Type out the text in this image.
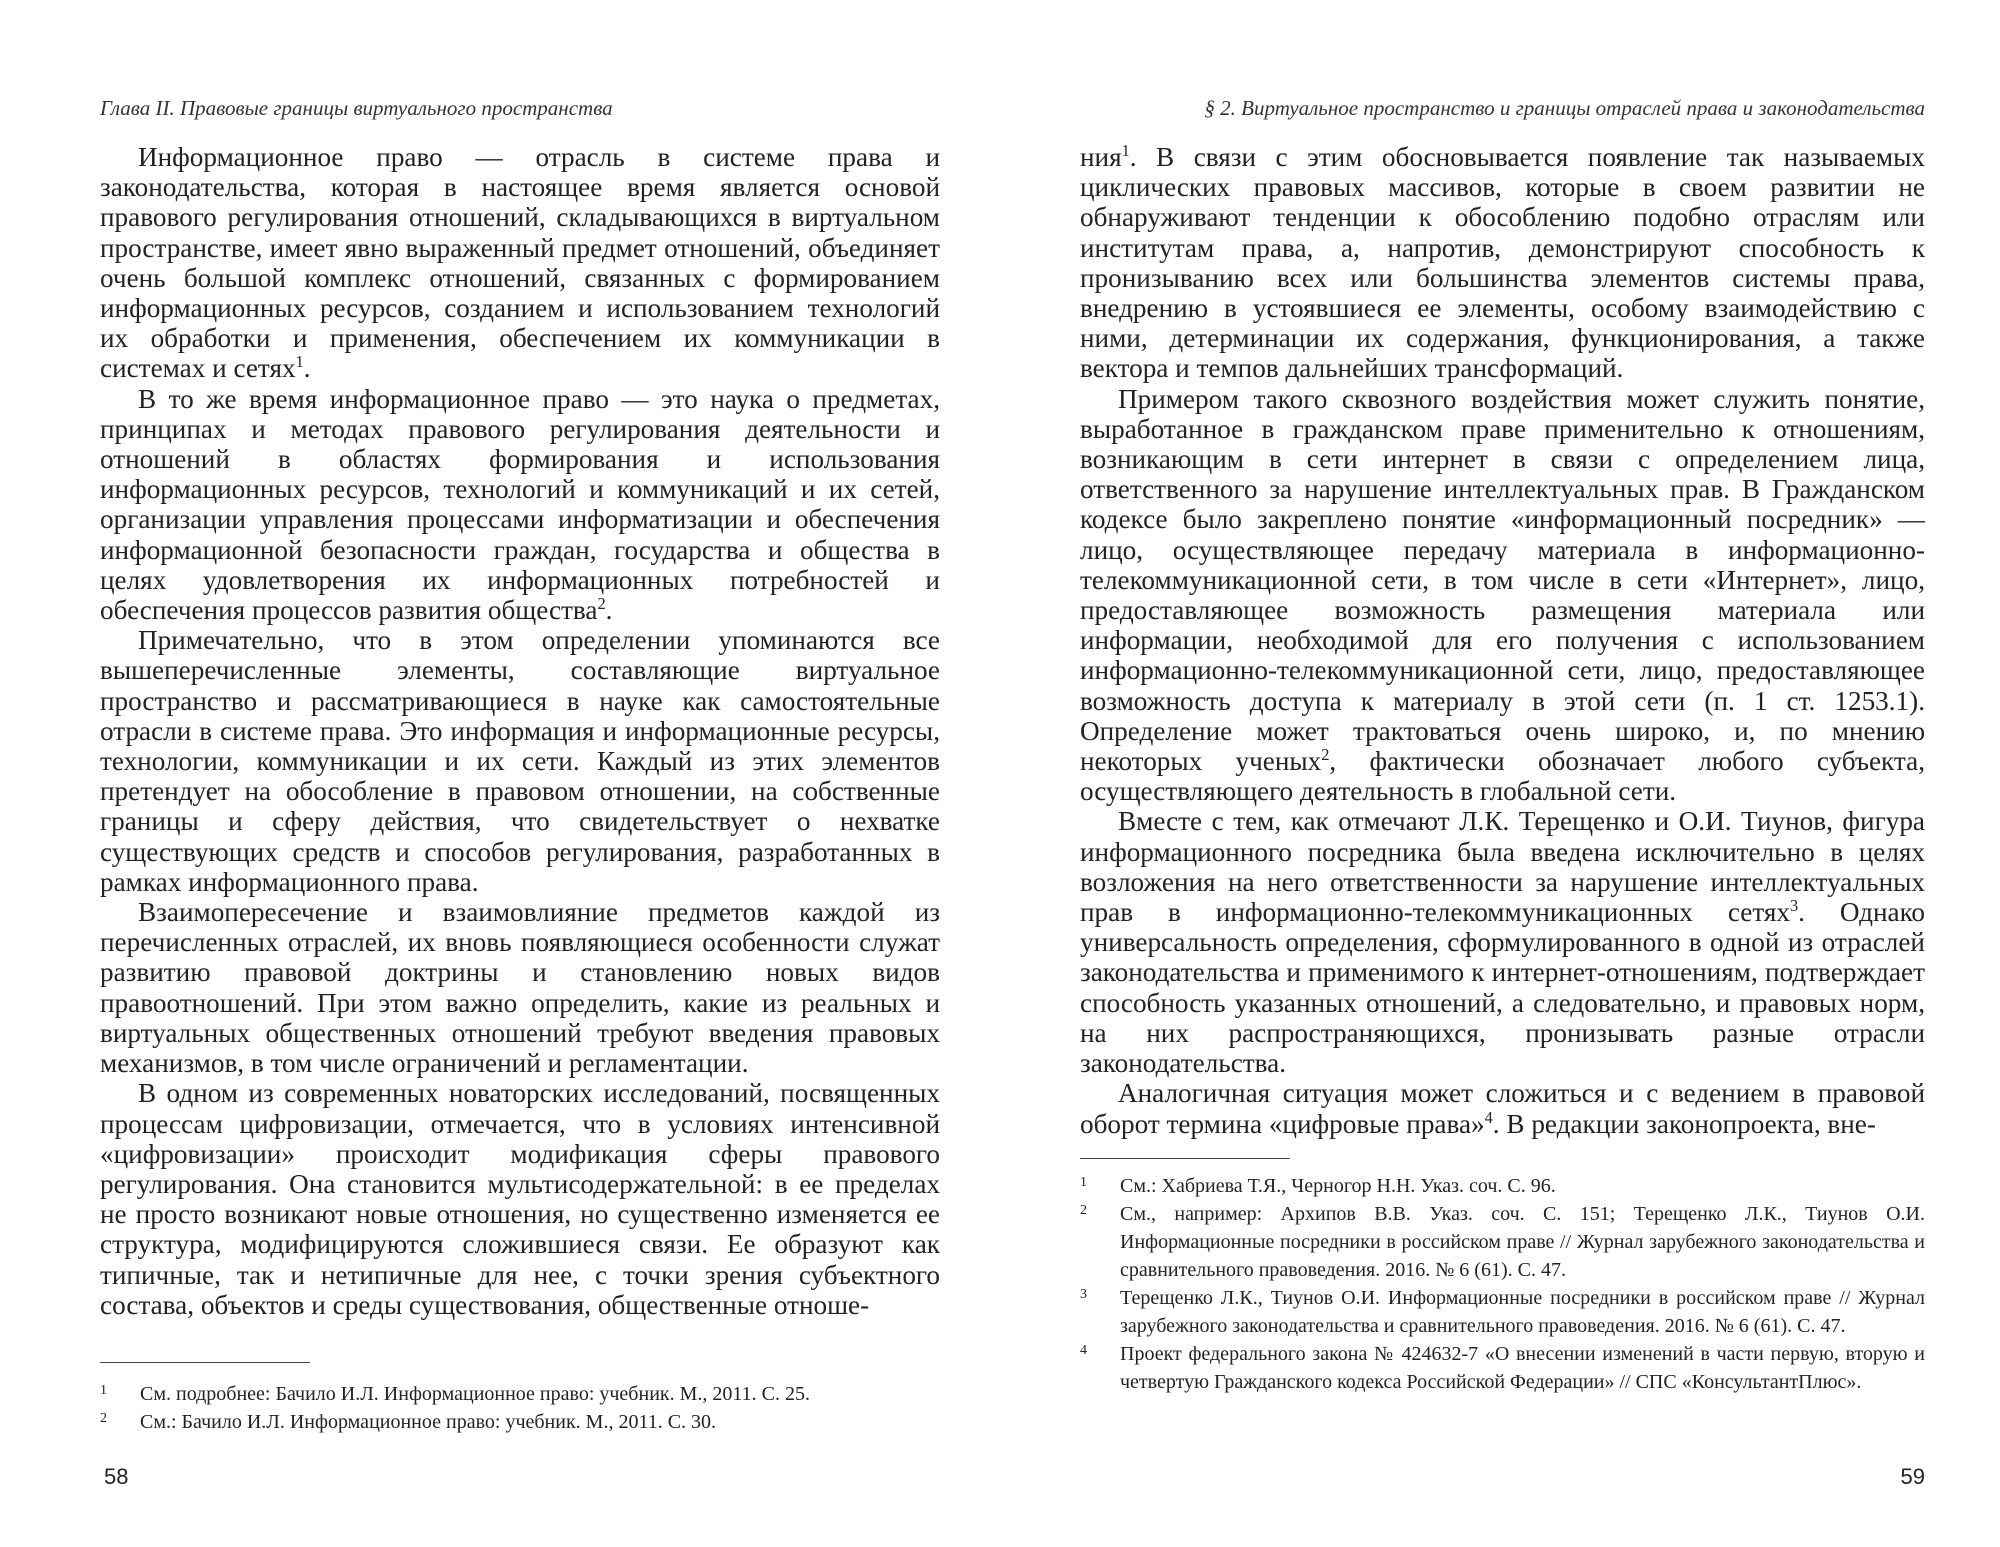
Глава II. Правовые границы виртуального пространства

Информационное право — отрасль в системе права и законодательства, которая в настоящее время является основой правового регулирования отношений, складывающихся в виртуальном пространстве, имеет явно выраженный предмет отношений, объединяет очень большой комплекс отношений, связанных с формированием информационных ресурсов, созданием и использованием технологий их обработки и применения, обеспечением их коммуникации в системах и сетях$^1$.

В то же время информационное право — это наука о предметах, принципах и методах правового регулирования деятельности и отношений в областях формирования и использования информационных ресурсов, технологий и коммуникаций и их сетей, организации управления процессами информатизации и обеспечения информационной безопасности граждан, государства и общества в целях удовлетворения их информационных потребностей и обеспечения процессов развития общества$^2$.

Примечательно, что в этом определении упоминаются все вышеперечисленные элементы, составляющие виртуальное пространство и рассматривающиеся в науке как самостоятельные отрасли в системе права. Это информация и информационные ресурсы, технологии, коммуникации и их сети. Каждый из этих элементов претендует на обособление в правовом отношении, на собственные границы и сферу действия, что свидетельствует о нехватке существующих средств и способов регулирования, разработанных в рамках информационного права.

Взаимопересечение и взаимовлияние предметов каждой из перечисленных отраслей, их вновь появляющиеся особенности служат развитию правовой доктрины и становлению новых видов правоотношений. При этом важно определить, какие из реальных и виртуальных общественных отношений требуют введения правовых механизмов, в том числе ограничений и регламентации.

В одном из современных новаторских исследований, посвященных процессам цифровизации, отмечается, что в условиях интенсивной «цифровизации» происходит модификация сферы правового регулирования. Она становится мультисодержательной: в ее пределах не просто возникают новые отношения, но существенно изменяется ее структура, модифицируются сложившиеся связи. Ее образуют как типичные, так и нетипичные для нее, с точки зрения субъектного состава, объектов и среды существования, общественные отноше-

1 См. подробнее: Бачило И.Л. Информационное право: учебник. М., 2011. С. 25.
2 См.: Бачило И.Л. Информационное право: учебник. М., 2011. С. 30.
58
§ 2. Виртуальное пространство и границы отраслей права и законодательства

ния$^1$. В связи с этим обосновывается появление так называемых циклических правовых массивов, которые в своем развитии не обнаруживают тенденции к обособлению подобно отраслям или институтам права, а, напротив, демонстрируют способность к пронизыванию всех или большинства элементов системы права, внедрению в устоявшиеся ее элементы, особому взаимодействию с ними, детерминации их содержания, функционирования, а также вектора и темпов дальнейших трансформаций.

Примером такого сквозного воздействия может служить понятие, выработанное в гражданском праве применительно к отношениям, возникающим в сети интернет в связи с определением лица, ответственного за нарушение интеллектуальных прав. В Гражданском кодексе было закреплено понятие «информационный посредник» — лицо, осуществляющее передачу материала в информационно-телекоммуникационной сети, в том числе в сети «Интернет», лицо, предоставляющее возможность размещения материала или информации, необходимой для его получения с использованием информационно-телекоммуникационной сети, лицо, предоставляющее возможность доступа к материалу в этой сети (п. 1 ст. 1253.1). Определение может трактоваться очень широко, и, по мнению некоторых ученых$^2$, фактически обозначает любого субъекта, осуществляющего деятельность в глобальной сети.

Вместе с тем, как отмечают Л.К. Терещенко и О.И. Тиунов, фигура информационного посредника была введена исключительно в целях возложения на него ответственности за нарушение интеллектуальных прав в информационно-телекоммуникационных сетях$^3$. Однако универсальность определения, сформулированного в одной из отраслей законодательства и применимого к интернет-отношениям, подтверждает способность указанных отношений, а следовательно, и правовых норм, на них распространяющихся, пронизывать разные отрасли законодательства.

Аналогичная ситуация может сложиться и с ведением в правовой оборот термина «цифровые права»$^4$. В редакции законопроекта, вне-

1 См.: Хабриева Т.Я., Черногор Н.Н. Указ. соч. С. 96.
2 См., например: Архипов В.В. Указ. соч. С. 151; Терещенко Л.К., Тиунов О.И. Информационные посредники в российском праве // Журнал зарубежного законодательства и сравнительного правоведения. 2016. № 6 (61). С. 47.
3 Терещенко Л.К., Тиунов О.И. Информационные посредники в российском праве // Журнал зарубежного законодательства и сравнительного правоведения. 2016. № 6 (61). С. 47.
4 Проект федерального закона № 424632-7 «О внесении изменений в части первую, вторую и четвертую Гражданского кодекса Российской Федерации» // СПС «КонсультантПлюс».
59
